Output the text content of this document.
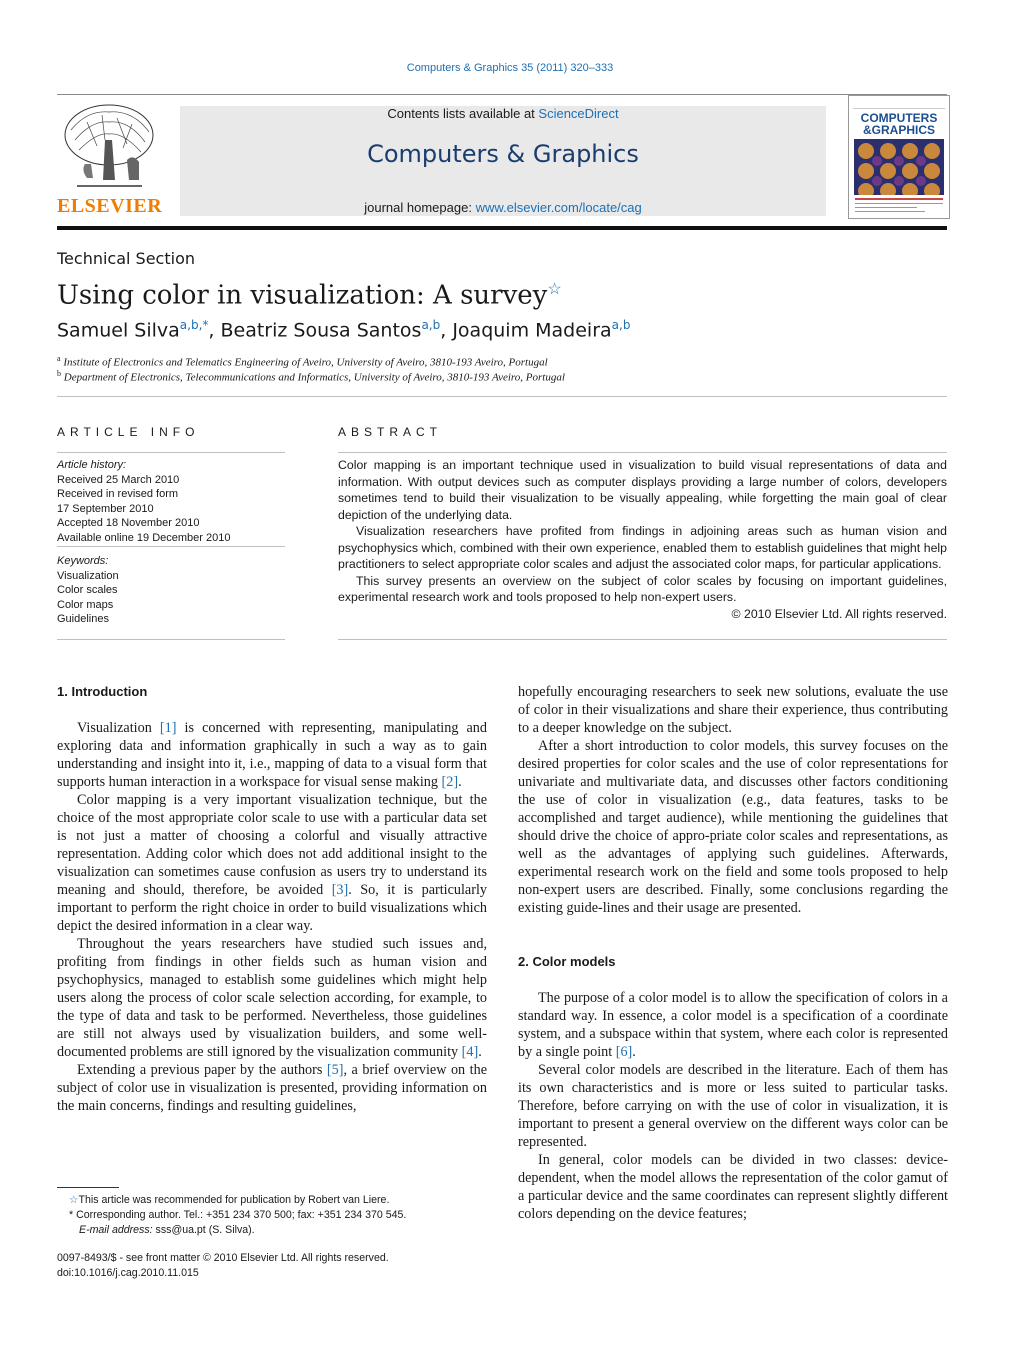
Computers & Graphics 35 (2011) 320–333
ELSEVIER
Contents lists available at ScienceDirect
Computers & Graphics
journal homepage: www.elsevier.com/locate/cag
COMPUTERS
&GRAPHICS
Technical Section
Using color in visualization: A survey☆
Samuel Silva$^{a,b,*}$, Beatriz Sousa Santos$^{a,b}$, Joaquim Madeira$^{a,b}$
$^a$ Institute of Electronics and Telematics Engineering of Aveiro, University of Aveiro, 3810-193 Aveiro, Portugal
$^b$ Department of Electronics, Telecommunications and Informatics, University of Aveiro, 3810-193 Aveiro, Portugal
ARTICLE INFO
Article history:
Received 25 March 2010
Received in revised form
17 September 2010
Accepted 18 November 2010
Available online 19 December 2010
Keywords:
Visualization
Color scales
Color maps
Guidelines
ABSTRACT

Color mapping is an important technique used in visualization to build visual representations of data and information. With output devices such as computer displays providing a large number of colors, developers sometimes tend to build their visualization to be visually appealing, while forgetting the main goal of clear depiction of the underlying data.

Visualization researchers have profited from findings in adjoining areas such as human vision and psychophysics which, combined with their own experience, enabled them to establish guidelines that might help practitioners to select appropriate color scales and adjust the associated color maps, for particular applications.

This survey presents an overview on the subject of color scales by focusing on important guidelines, experimental research work and tools proposed to help non-expert users.

© 2010 Elsevier Ltd. All rights reserved.
1. Introduction

Visualization [1] is concerned with representing, manipulating and exploring data and information graphically in such a way as to gain understanding and insight into it, i.e., mapping of data to a visual form that supports human interaction in a workspace for visual sense making [2].

Color mapping is a very important visualization technique, but the choice of the most appropriate color scale to use with a particular data set is not just a matter of choosing a colorful and visually attractive representation. Adding color which does not add additional insight to the visualization can sometimes cause confusion as users try to understand its meaning and should, therefore, be avoided [3]. So, it is particularly important to perform the right choice in order to build visualizations which depict the desired information in a clear way.

Throughout the years researchers have studied such issues and, profiting from findings in other fields such as human vision and psychophysics, managed to establish some guidelines which might help users along the process of color scale selection according, for example, to the type of data and task to be performed. Nevertheless, those guidelines are still not always used by visualization builders, and some well-documented problems are still ignored by the visualization community [4].

Extending a previous paper by the authors [5], a brief overview on the subject of color use in visualization is presented, providing information on the main concerns, findings and resulting guidelines,

hopefully encouraging researchers to seek new solutions, evaluate the use of color in their visualizations and share their experience, thus contributing to a deeper knowledge on the subject.

After a short introduction to color models, this survey focuses on the desired properties for color scales and the use of color representations for univariate and multivariate data, and discusses other factors conditioning the use of color in visualization (e.g., data features, tasks to be accomplished and target audience), while mentioning the guidelines that should drive the choice of appro-priate color scales and representations, as well as the advantages of applying such guidelines. Afterwards, experimental research work on the field and some tools proposed to help non-expert users are described. Finally, some conclusions regarding the existing guide-lines and their usage are presented.

2. Color models

The purpose of a color model is to allow the specification of colors in a standard way. In essence, a color model is a specification of a coordinate system, and a subspace within that system, where each color is represented by a single point [6].

Several color models are described in the literature. Each of them has its own characteristics and is more or less suited to particular tasks. Therefore, before carrying on with the use of color in visualization, it is important to present a general overview on the different ways color can be represented.

In general, color models can be divided in two classes: device-dependent, when the model allows the representation of the color gamut of a particular device and the same coordinates can represent slightly different colors depending on the device features;

☆This article was recommended for publication by Robert van Liere.
* Corresponding author. Tel.: +351 234 370 500; fax: +351 234 370 545.
E-mail address: sss@ua.pt (S. Silva).
0097-8493/$ - see front matter © 2010 Elsevier Ltd. All rights reserved.
doi:10.1016/j.cag.2010.11.015
